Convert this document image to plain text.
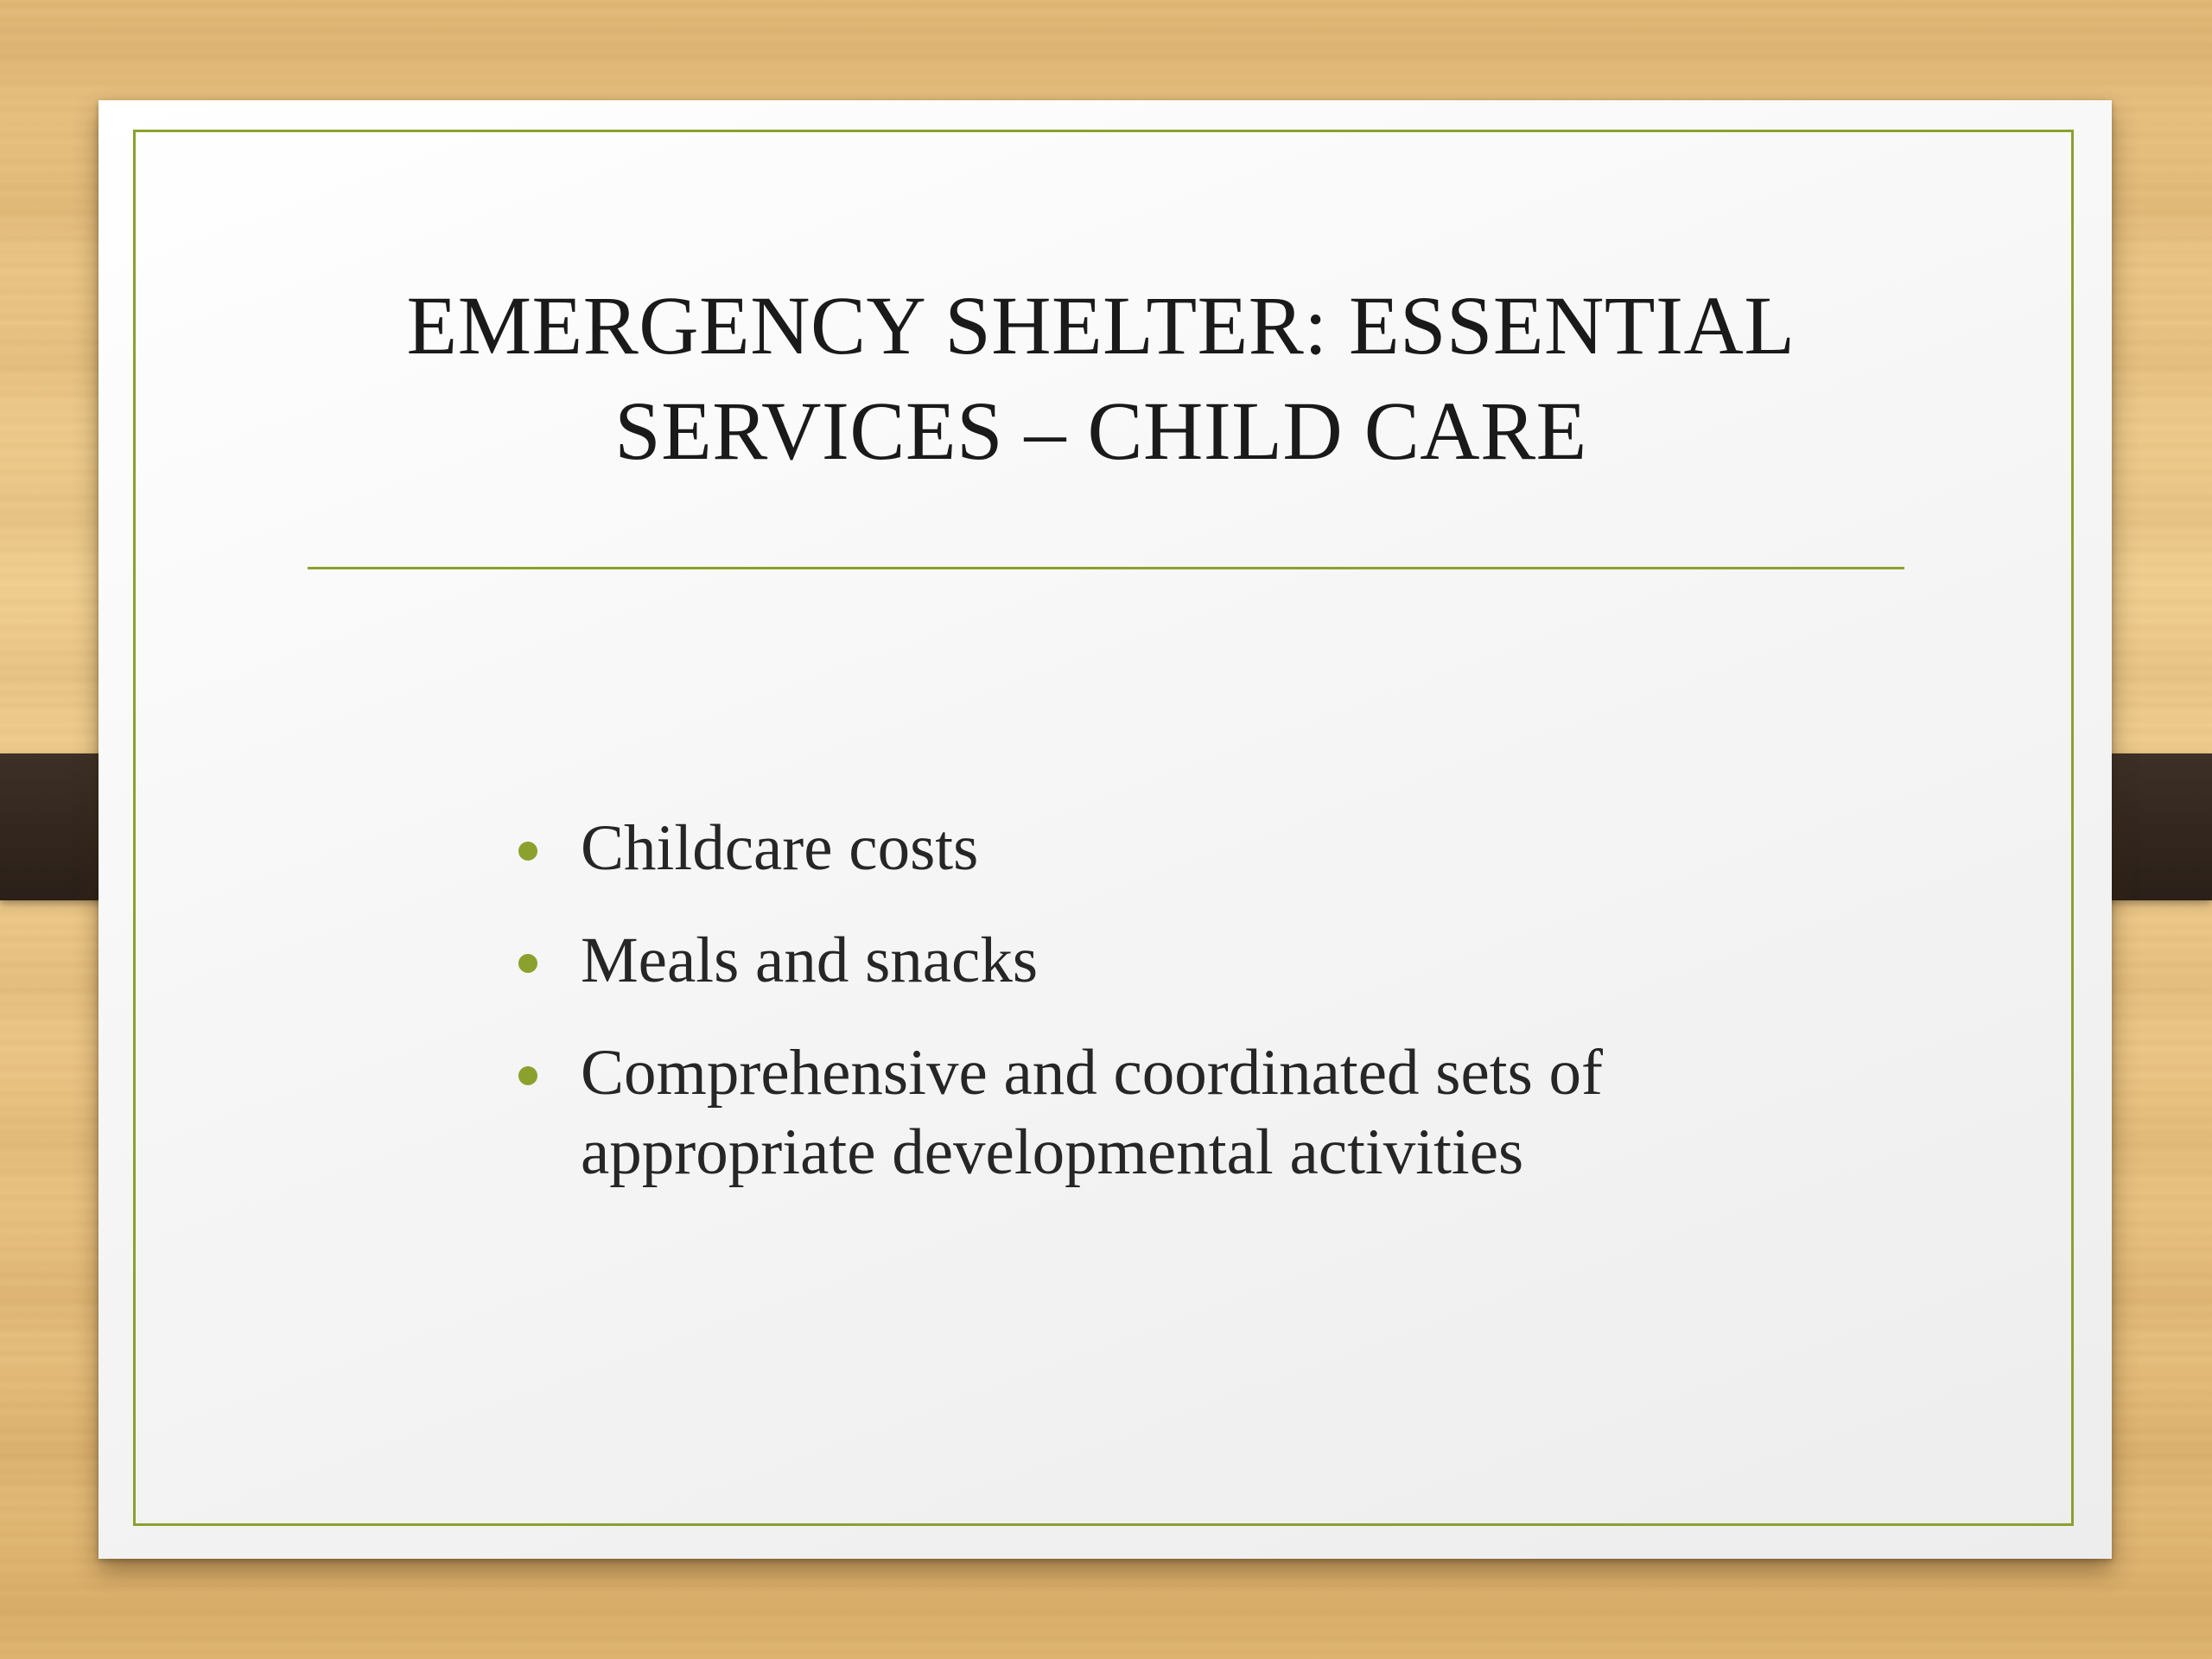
EMERGENCY SHELTER: ESSENTIAL
SERVICES – CHILD CARE
Childcare costs
Meals and snacks
Comprehensive and coordinated sets of appropriate developmental activities
